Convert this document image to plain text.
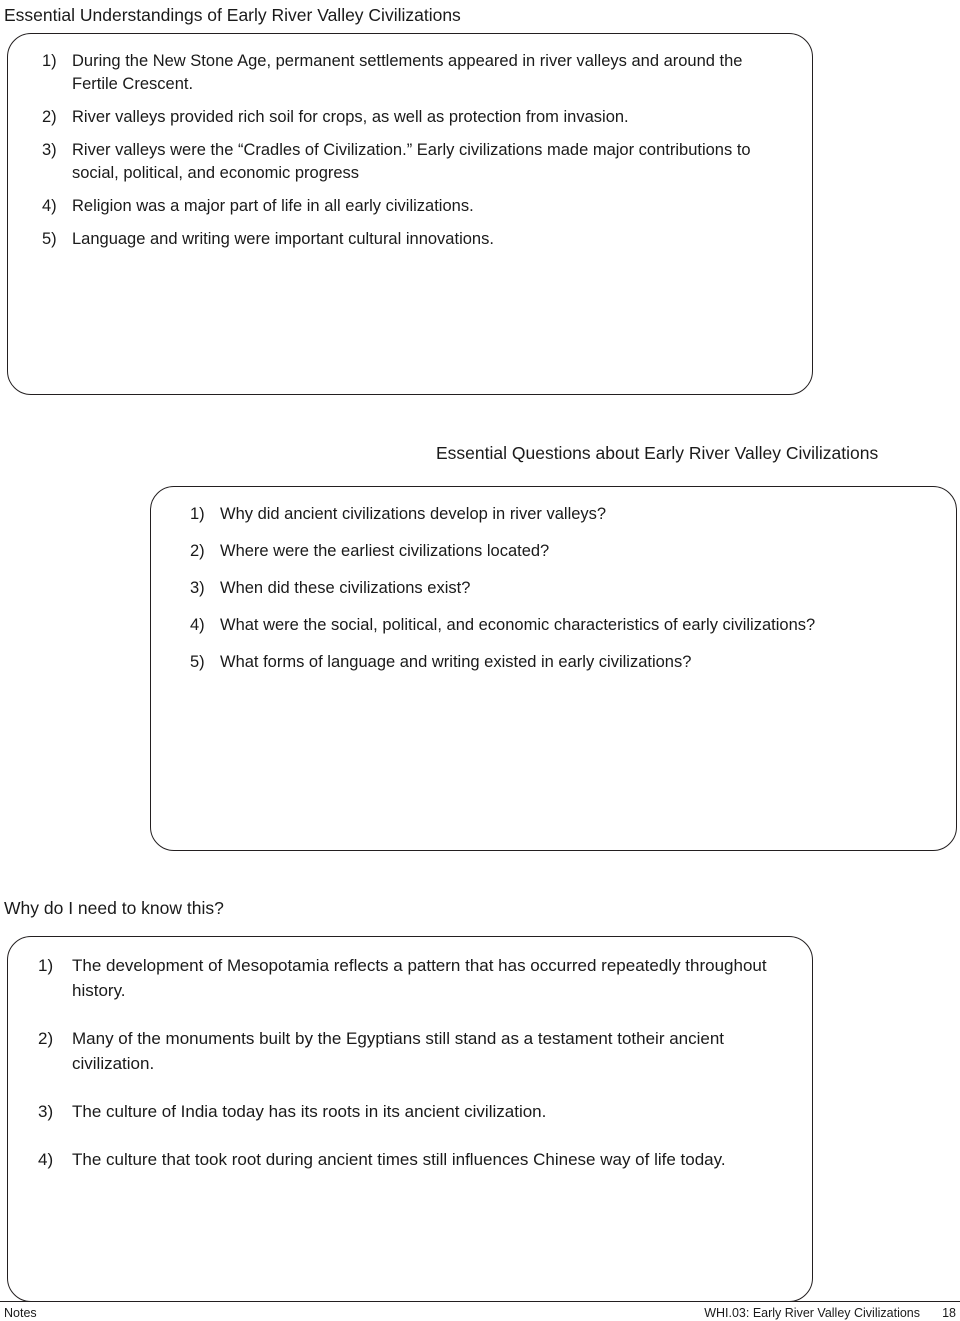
Essential Understandings of Early River Valley Civilizations
1) During the New Stone Age, permanent settlements appeared in river valleys and around the Fertile Crescent.
2) River valleys provided rich soil for crops, as well as protection from invasion.
3) River valleys were the “Cradles of Civilization.” Early civilizations made major contributions to social, political, and economic progress
4) Religion was a major part of life in all early civilizations.
5) Language and writing were important cultural innovations.
Essential Questions about Early River Valley Civilizations
1) Why did ancient civilizations develop in river valleys?
2) Where were the earliest civilizations located?
3) When did these civilizations exist?
4) What were the social, political, and economic characteristics of early civilizations?
5) What forms of language and writing existed in early civilizations?
Why do I need to know this?
1)	The development of Mesopotamia reflects a pattern that has occurred repeatedly throughout history.
2)	Many of the monuments built by the Egyptians still stand as a testament totheir ancient civilization.
3)	The culture of India today has its roots in its ancient civilization.
4)	The culture that took root during ancient times still influences Chinese way of life today.
Notes	WHI.03: Early River Valley Civilizations 18
